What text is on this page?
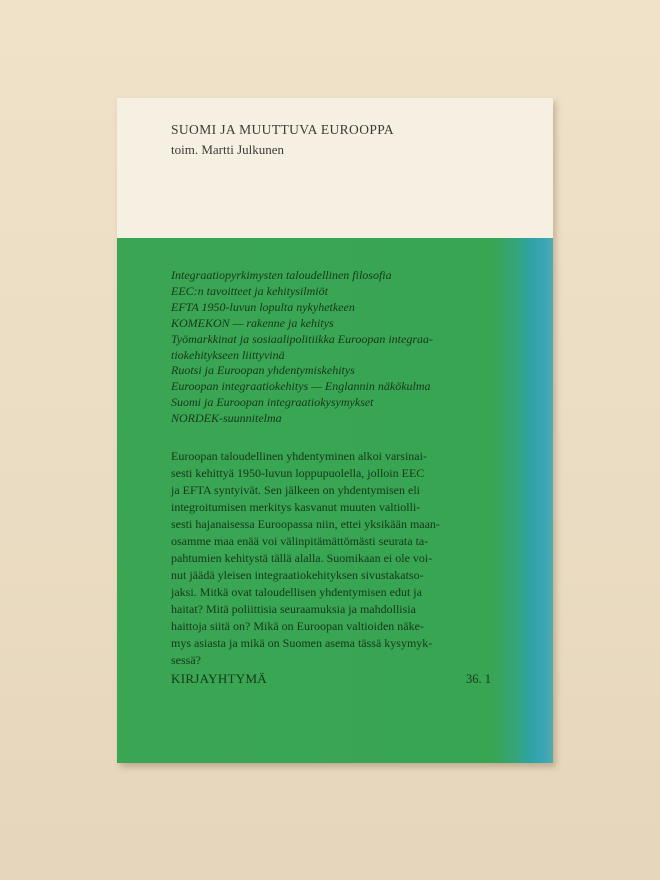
SUOMI JA MUUTTUVA EUROOPPA
toim. Martti Julkunen
Integraatiopyrkimysten taloudellinen filosofia
EEC:n tavoitteet ja kehitysilmiöt
EFTA 1950-luvun lopulta nykyhetkeen
KOMEKON — rakenne ja kehitys
Työmarkkinat ja sosiaalipolitiikka Euroopan integraa-
tiokehitykseen liittyvinä
Ruotsi ja Euroopan yhdentymiskehitys
Euroopan integraatiokehitys — Englannin näkökulma
Suomi ja Euroopan integraatiokysymykset
NORDEK-suunnitelma

Euroopan taloudellinen yhdentyminen alkoi varsinai-
sesti kehittyä 1950-luvun loppupuolella, jolloin EEC
ja EFTA syntyivät. Sen jälkeen on yhdentymisen eli
integroitumisen merkitys kasvanut muuten valtiolli-
sesti hajanaisessa Euroopassa niin, ettei yksikään maan-
osamme maa enää voi välinpitämättömästi seurata ta-
pahtumien kehitystä tällä alalla. Suomikaan ei ole voi-
nut jäädä yleisen integraatiokehityksen sivustakatso-
jaksi. Mitkä ovat taloudellisen yhdentymisen edut ja
haitat? Mitä poliittisia seuraamuksia ja mahdollisia
haittoja siitä on? Mikä on Euroopan valtioiden näke-
mys asiasta ja mikä on Suomen asema tässä kysymyk-
sessä?

KIRJAYHTYMÄ	36. 1
